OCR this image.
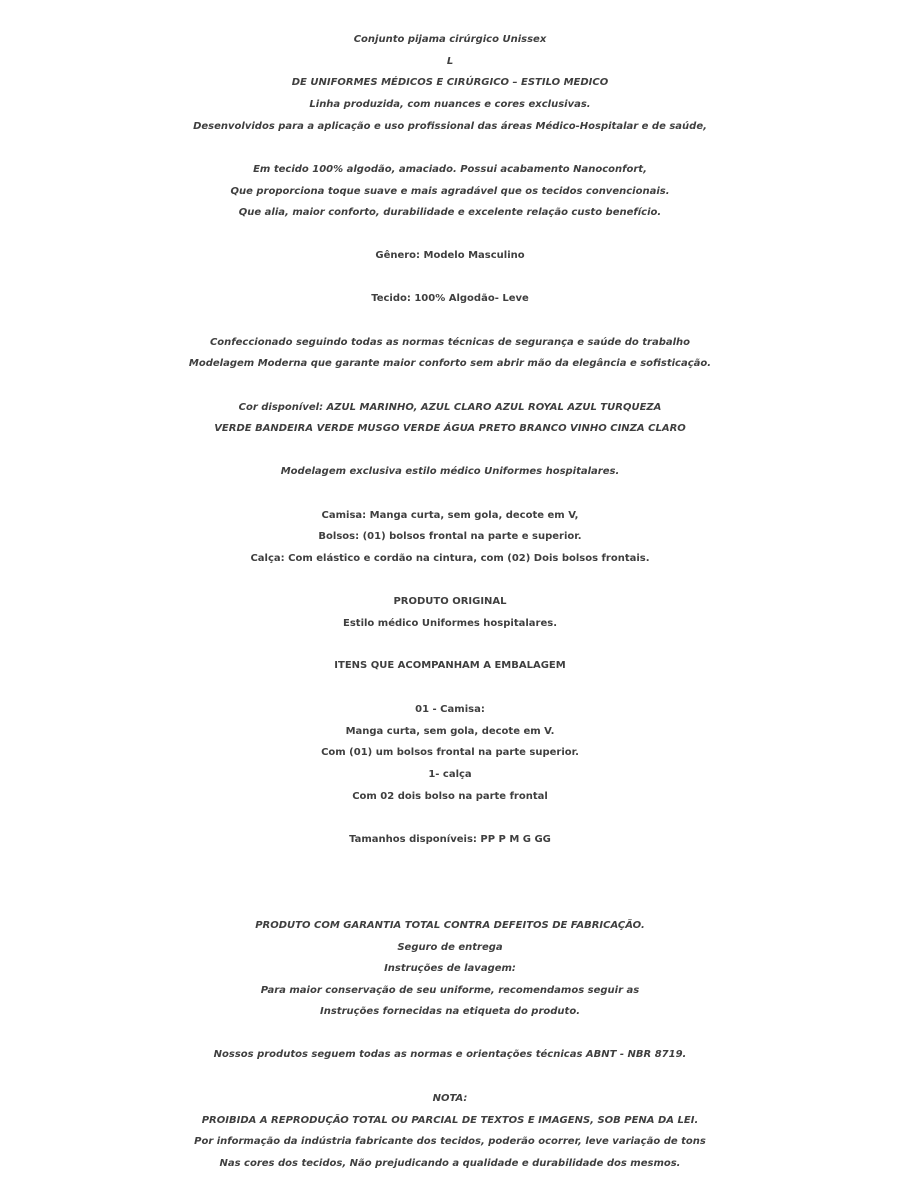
Conjunto pijama cirúrgico Unissex
L
DE UNIFORMES MÉDICOS E CIRÚRGICO – ESTILO MEDICO
Linha produzida, com nuances e cores exclusivas.
Desenvolvidos para a aplicação e uso profissional das áreas Médico-Hospitalar e de saúde,
Em tecido 100% algodão, amaciado. Possui acabamento Nanoconfort,
Que proporciona toque suave e mais agradável que os tecidos convencionais.
Que alia, maior conforto, durabilidade e excelente relação custo benefício.
Gênero: Modelo Masculino
Tecido: 100% Algodão- Leve
Confeccionado seguindo todas as normas técnicas de segurança e saúde do trabalho
Modelagem Moderna que garante maior conforto sem abrir mão da elegância e sofisticação.
Cor disponível: AZUL MARINHO, AZUL CLARO AZUL ROYAL AZUL TURQUEZA
VERDE BANDEIRA VERDE MUSGO VERDE ÁGUA PRETO BRANCO VINHO CINZA CLARO
Modelagem exclusiva estilo médico Uniformes hospitalares.
Camisa: Manga curta, sem gola, decote em V,
Bolsos: (01) bolsos frontal na parte e superior.
Calça: Com elástico e cordão na cintura, com (02) Dois bolsos frontais.
PRODUTO ORIGINAL
Estilo médico Uniformes hospitalares.
ITENS QUE ACOMPANHAM A EMBALAGEM
01 - Camisa:
Manga curta, sem gola, decote em V.
Com (01) um bolsos frontal na parte superior.
1- calça
Com 02 dois bolso na parte frontal
Tamanhos disponíveis: PP P M G GG
PRODUTO COM GARANTIA TOTAL CONTRA DEFEITOS DE FABRICAÇÃO.
Seguro de entrega
Instruções de lavagem:
Para maior conservação de seu uniforme, recomendamos seguir as
Instruções fornecidas na etiqueta do produto.
Nossos produtos seguem todas as normas e orientações técnicas ABNT - NBR 8719.
NOTA:
PROIBIDA A REPRODUÇÃO TOTAL OU PARCIAL DE TEXTOS E IMAGENS, SOB PENA DA LEI.
Por informação da indústria fabricante dos tecidos, poderão ocorrer, leve variação de tons
Nas cores dos tecidos, Não prejudicando a qualidade e durabilidade dos mesmos.
